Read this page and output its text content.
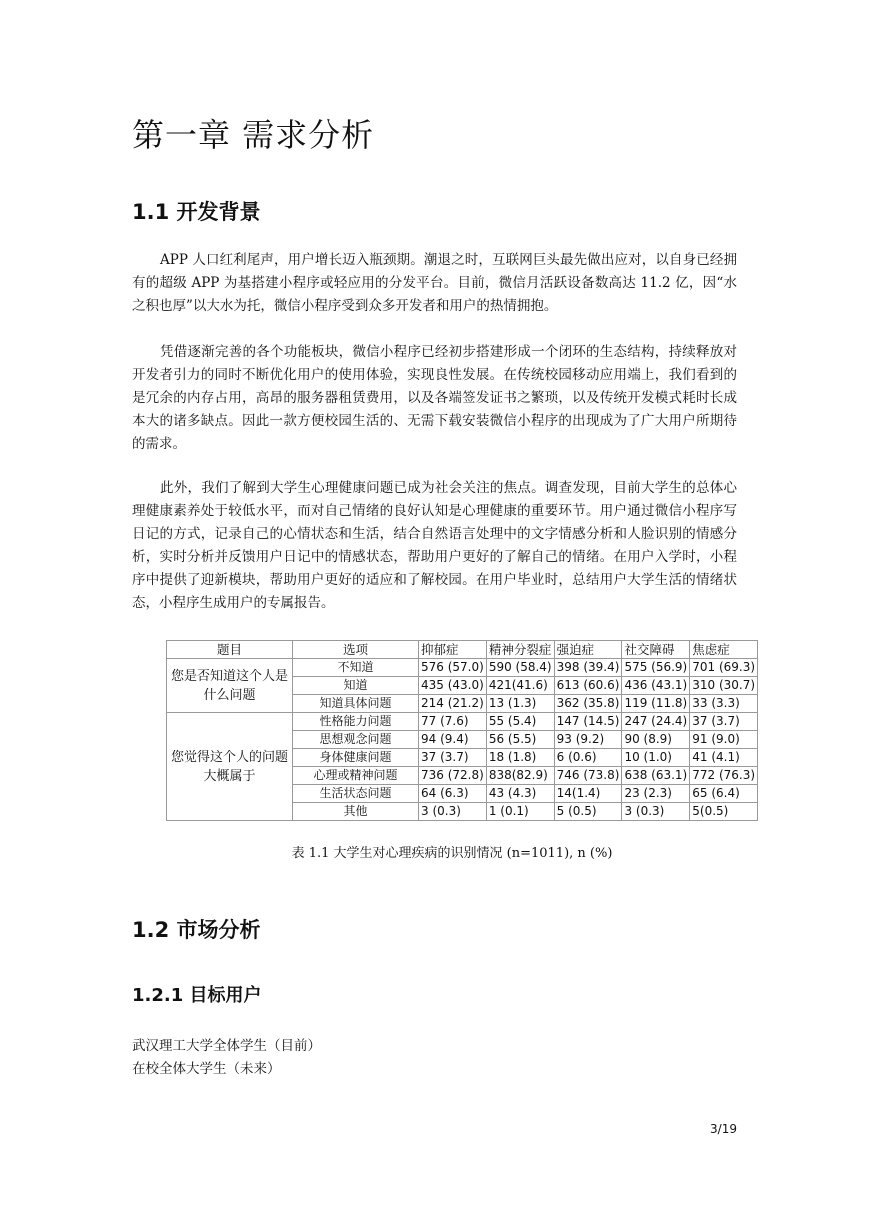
第一章 需求分析
1.1 开发背景

APP 人口红利尾声，用户增长迈入瓶颈期。潮退之时，互联网巨头最先做出应对，以自身已经拥有的超级 APP 为基搭建小程序或轻应用的分发平台。目前，微信月活跃设备数高达 11.2 亿，因“水之积也厚”以大水为托，微信小程序受到众多开发者和用户的热情拥抱。

凭借逐渐完善的各个功能板块，微信小程序已经初步搭建形成一个闭环的生态结构，持续释放对开发者引力的同时不断优化用户的使用体验，实现良性发展。在传统校园移动应用端上，我们看到的是冗余的内存占用，高昂的服务器租赁费用，以及各端签发证书之繁琐，以及传统开发模式耗时长成本大的诸多缺点。因此一款方便校园生活的、无需下载安装微信小程序的出现成为了广大用户所期待的需求。

此外，我们了解到大学生心理健康问题已成为社会关注的焦点。调查发现，目前大学生的总体心理健康素养处于较低水平，而对自己情绪的良好认知是心理健康的重要环节。用户通过微信小程序写日记的方式，记录自己的心情状态和生活，结合自然语言处理中的文字情感分析和人脸识别的情感分析，实时分析并反馈用户日记中的情感状态，帮助用户更好的了解自己的情绪。在用户入学时，小程序中提供了迎新模块，帮助用户更好的适应和了解校园。在用户毕业时，总结用户大学生活的情绪状态，小程序生成用户的专属报告。

题目	选项	抑郁症	精神分裂症	强迫症	社交障碍	焦虑症
您是否知道这个人是什么问题	不知道	576 (57.0)	590 (58.4)	398 (39.4)	575 (56.9)	701 (69.3)
	知道	435 (43.0)	421(41.6)	613 (60.6)	436 (43.1)	310 (30.7)
	知道具体问题	214 (21.2)	13 (1.3)	362 (35.8)	119 (11.8)	33 (3.3)
您觉得这个人的问题大概属于	性格能力问题	77 (7.6)	55 (5.4)	147 (14.5)	247 (24.4)	37 (3.7)
	思想观念问题	94 (9.4)	56 (5.5)	93 (9.2)	90 (8.9)	91 (9.0)
	身体健康问题	37 (3.7)	18 (1.8)	6 (0.6)	10 (1.0)	41 (4.1)
	心理或精神问题	736 (72.8)	838(82.9)	746 (73.8)	638 (63.1)	772 (76.3)
	生活状态问题	64 (6.3)	43 (4.3)	14(1.4)	23 (2.3)	65 (6.4)
	其他	3 (0.3)	1 (0.1)	5 (0.5)	3 (0.3)	5(0.5)

表 1.1 大学生对心理疾病的识别情况 (n=1011), n (%)

1.2 市场分析
1.2.1 目标用户

武汉理工大学全体学生（目前）

在校全体大学生（未来）

3/19
